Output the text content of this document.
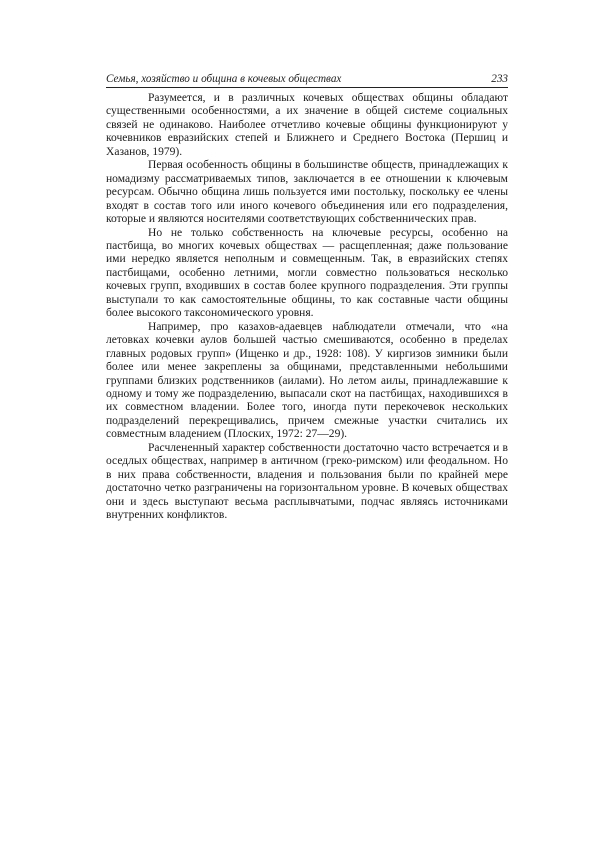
Семья, хозяйство и община в кочевых обществах	233

Разумеется, и в различных кочевых обществах общины обладают существенными особенностями, а их значение в общей системе социальных связей не одинаково. Наиболее отчетливо кочевые общины функционируют у кочевников евразийских степей и Ближнего и Среднего Востока (Першиц и Хазанов, 1979).

Первая особенность общины в большинстве обществ, принадлежащих к номадизму рассматриваемых типов, заключается в ее отношении к ключевым ресурсам. Обычно община лишь пользуется ими постольку, поскольку ее члены входят в состав того или иного кочевого объединения или его подразделения, которые и являются носителями соответствующих собственнических прав.

Но не только собственность на ключевые ресурсы, особенно на пастбища, во многих кочевых обществах — расщепленная; даже пользование ими нередко является неполным и совмещенным. Так, в евразийских степях пастбищами, особенно летними, могли совместно пользоваться несколько кочевых групп, входивших в состав более крупного подразделения. Эти группы выступали то как самостоятельные общины, то как составные части общины более высокого таксономического уровня.

Например, про казахов-адаевцев наблюдатели отмечали, что «на летовках кочевки аулов большей частью смешиваются, особенно в пределах главных родовых групп» (Ищенко и др., 1928: 108). У киргизов зимники были более или менее закреплены за общинами, представленными небольшими группами близких родственников (аилами). Но летом аилы, принадлежавшие к одному и тому же подразделению, выпасали скот на пастбищах, находившихся в их совместном владении. Более того, иногда пути перекочевок нескольких подразделений перекрещивались, причем смежные участки считались их совместным владением (Плоских, 1972: 27—29).

Расчлененный характер собственности достаточно часто встречается и в оседлых обществах, например в античном (греко-римском) или феодальном. Но в них права собственности, владения и пользования были по крайней мере достаточно четко разграничены на горизонтальном уровне. В кочевых обществах они и здесь выступают весьма расплывчатыми, подчас являясь источниками внутренних конфликтов.
